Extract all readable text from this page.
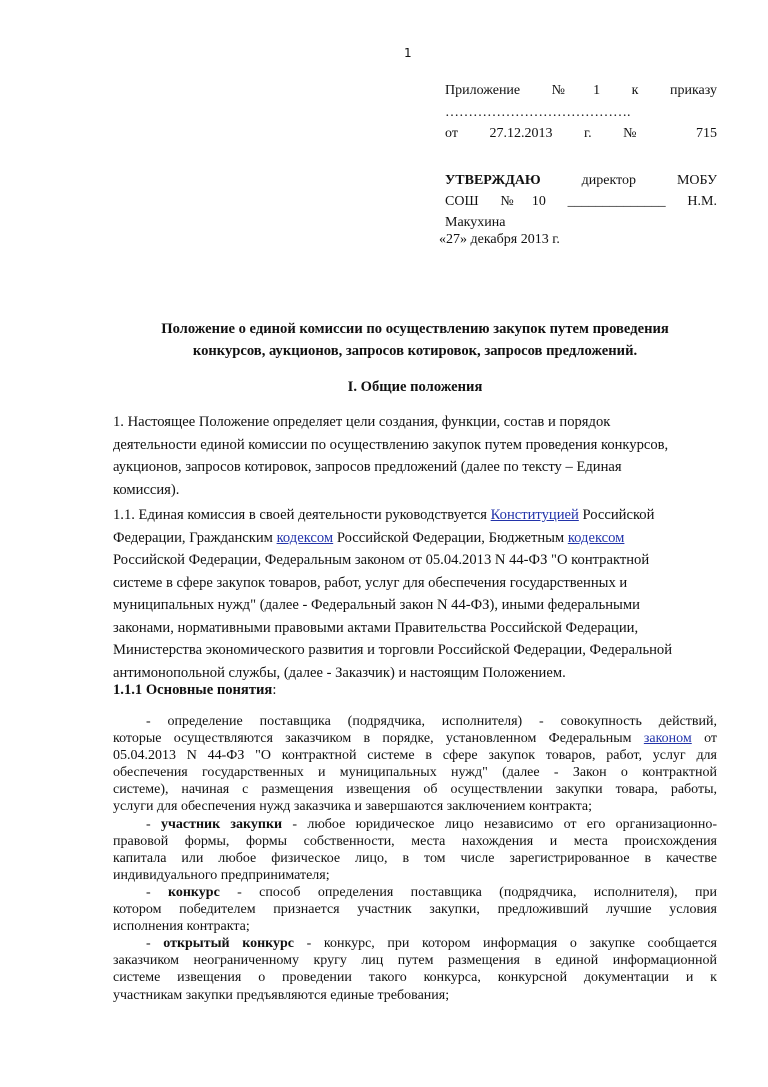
1
Приложение №1 к приказу
………………………………….
от 27.12.2013 г. № 715
УТВЕРЖДАЮ директор МОБУ
СОШ №10 ______________ Н.М.
Макухина
«27» декабря 2013 г.
Положение о единой комиссии по осуществлению закупок путем проведения
конкурсов, аукционов, запросов котировок, запросов предложений.
I. Общие положения
1. Настоящее Положение определяет цели создания, функции, состав и порядок
деятельности единой комиссии по осуществлению закупок путем проведения конкурсов,
аукционов, запросов котировок, запросов предложений (далее по тексту – Единая
комиссия).
1.1. Единая комиссия в своей деятельности руководствуется Конституцией Российской
Федерации, Гражданским кодексом Российской Федерации, Бюджетным кодексом
Российской Федерации, Федеральным законом от 05.04.2013 N 44-ФЗ "О контрактной
системе в сфере закупок товаров, работ, услуг для обеспечения государственных и
муниципальных нужд" (далее - Федеральный закон N 44-ФЗ), иными федеральными
законами, нормативными правовыми актами Правительства Российской Федерации,
Министерства экономического развития и торговли Российской Федерации, Федеральной
антимонопольной службы, (далее - Заказчик) и настоящим Положением.
1.1.1 Основные понятия:
- определение поставщика (подрядчика, исполнителя) - совокупность действий,
которые осуществляются заказчиком в порядке, установленном Федеральным законом от
05.04.2013 N 44-ФЗ "О контрактной системе в сфере закупок товаров, работ, услуг для
обеспечения государственных и муниципальных нужд" (далее - Закон о контрактной
системе), начиная с размещения извещения об осуществлении закупки товара, работы,
услуги для обеспечения нужд заказчика и завершаются заключением контракта;
- участник закупки - любое юридическое лицо независимо от его организационно-
правовой формы, формы собственности, места нахождения и места происхождения
капитала или любое физическое лицо, в том числе зарегистрированное в качестве
индивидуального предпринимателя;
- конкурс - способ определения поставщика (подрядчика, исполнителя), при
котором победителем признается участник закупки, предложивший лучшие условия
исполнения контракта;
- открытый конкурс - конкурс, при котором информация о закупке сообщается
заказчиком неограниченному кругу лиц путем размещения в единой информационной
системе извещения о проведении такого конкурса, конкурсной документации и к
участникам закупки предъявляются единые требования;
